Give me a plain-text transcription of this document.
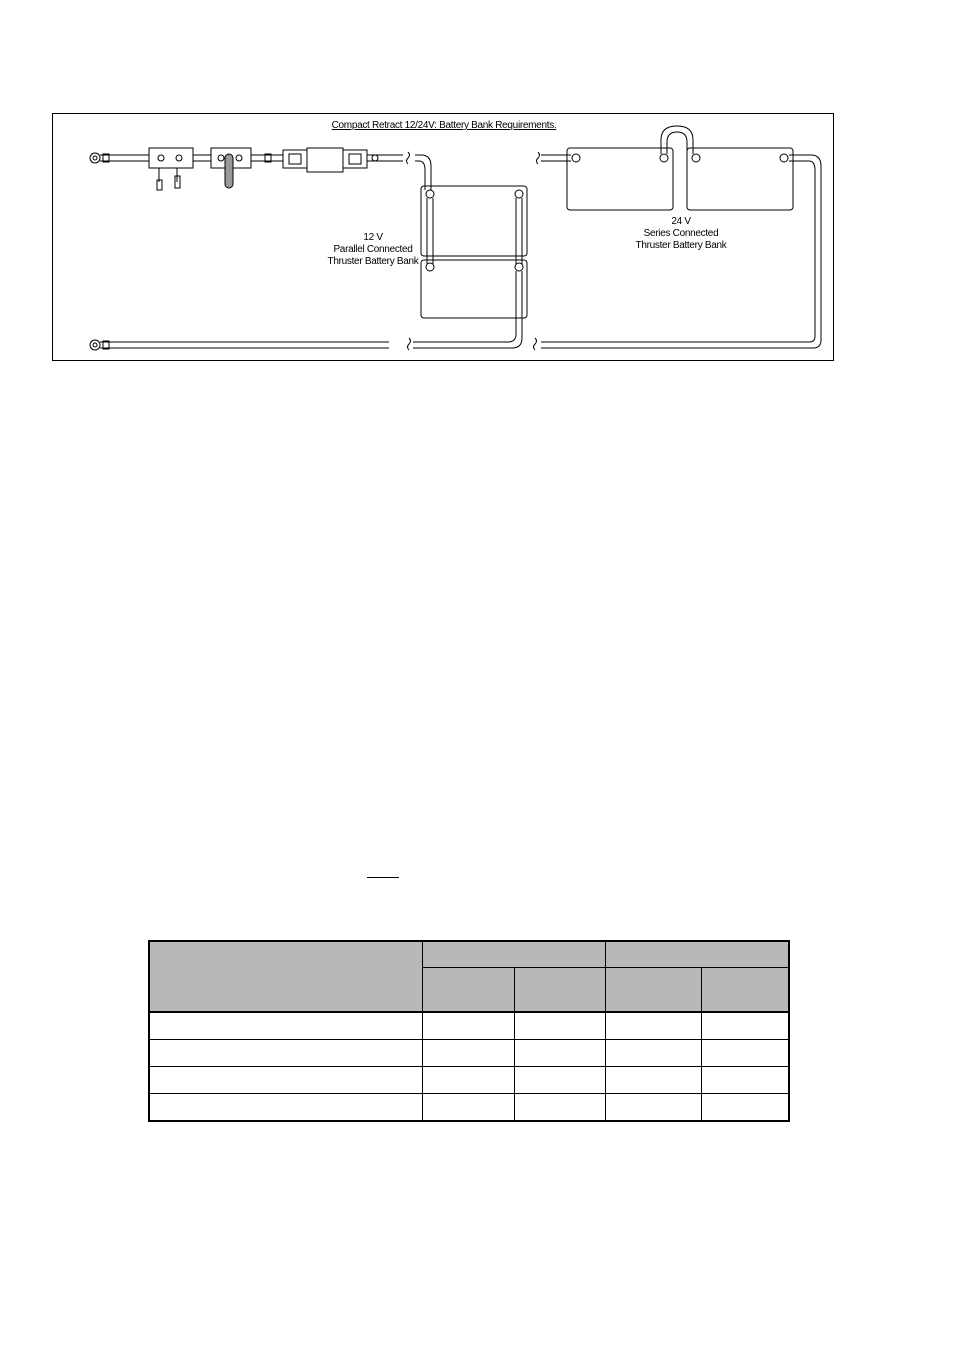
Compact Retract 12/24V: Battery Bank Requirements.
12 V
Parallel Connected
Thruster Battery Bank
24 V
Series Connected
Thruster Battery Bank
